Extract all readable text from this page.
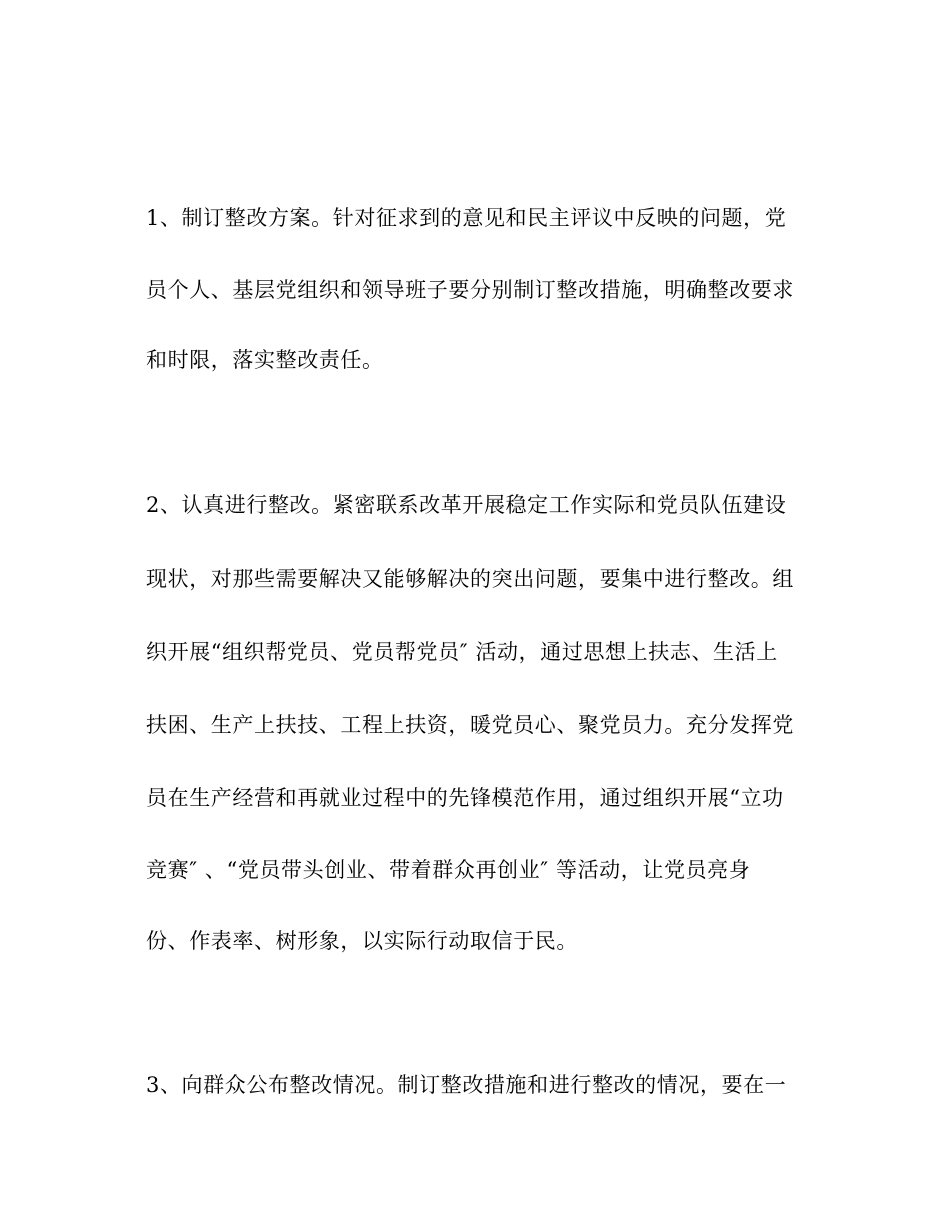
1、制订整改方案。针对征求到的意见和民主评议中反映的问题，党
员个人、基层党组织和领导班子要分别制订整改措施，明确整改要求
和时限，落实整改责任。
2、认真进行整改。紧密联系改革开展稳定工作实际和党员队伍建设
现状，对那些需要解决又能够解决的突出问题，要集中进行整改。组
织开展“组织帮党员、党员帮党员″ 活动，通过思想上扶志、生活上
扶困、生产上扶技、工程上扶资，暖党员心、聚党员力。充分发挥党
员在生产经营和再就业过程中的先锋模范作用，通过组织开展“立功
竞赛″ 、“党员带头创业、带着群众再创业″ 等活动，让党员亮身
份、作表率、树形象，以实际行动取信于民。
3、向群众公布整改情况。制订整改措施和进行整改的情况，要在一
